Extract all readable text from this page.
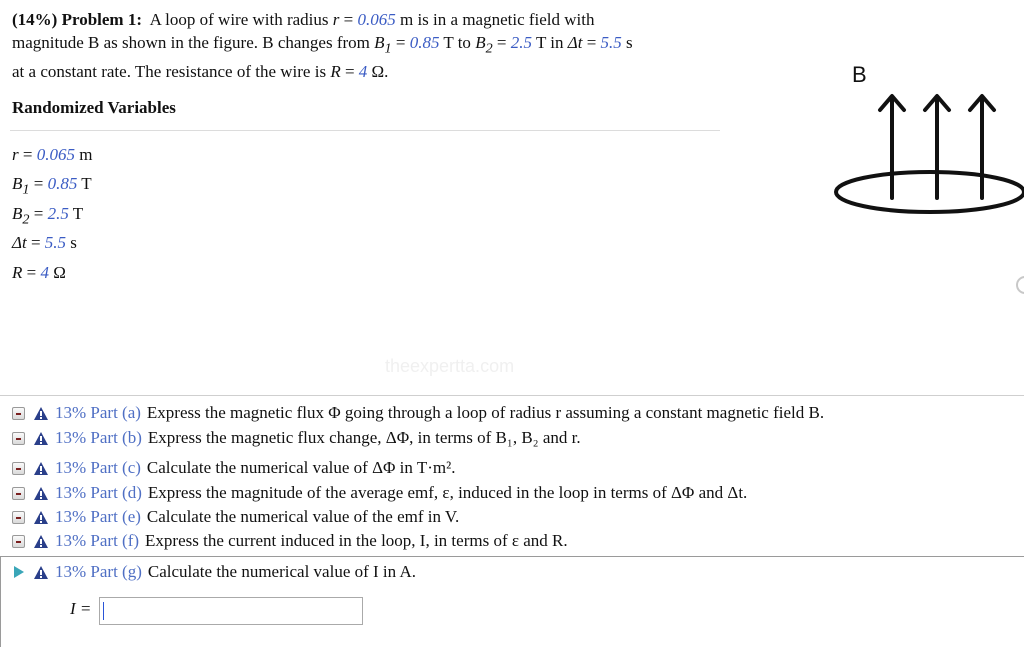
(14%) Problem 1: A loop of wire with radius r = 0.065 m is in a magnetic field with
magnitude B as shown in the figure. B changes from $B_1 = 0.85$ T to $B_2 = 2.5$ T in Δt = 5.5 s
at a constant rate. The resistance of the wire is R = 4 Ω.
Randomized Variables
r = 0.065 m
$B_1 = 0.85$ T
$B_2 = 2.5$ T
Δt = 5.5 s
R = 4 Ω
B
theexpertta.com
13% Part (a) Express the magnetic flux Φ going through a loop of radius r assuming a constant magnetic field B.
13% Part (b) Express the magnetic flux change, ΔΦ, in terms of B₁, B₂ and r.
13% Part (c) Calculate the numerical value of ΔΦ in T·m².
13% Part (d) Express the magnitude of the average emf, ε, induced in the loop in terms of ΔΦ and Δt.
13% Part (e) Calculate the numerical value of the emf in V.
13% Part (f) Express the current induced in the loop, I, in terms of ε and R.
13% Part (g) Calculate the numerical value of I in A.
I =
